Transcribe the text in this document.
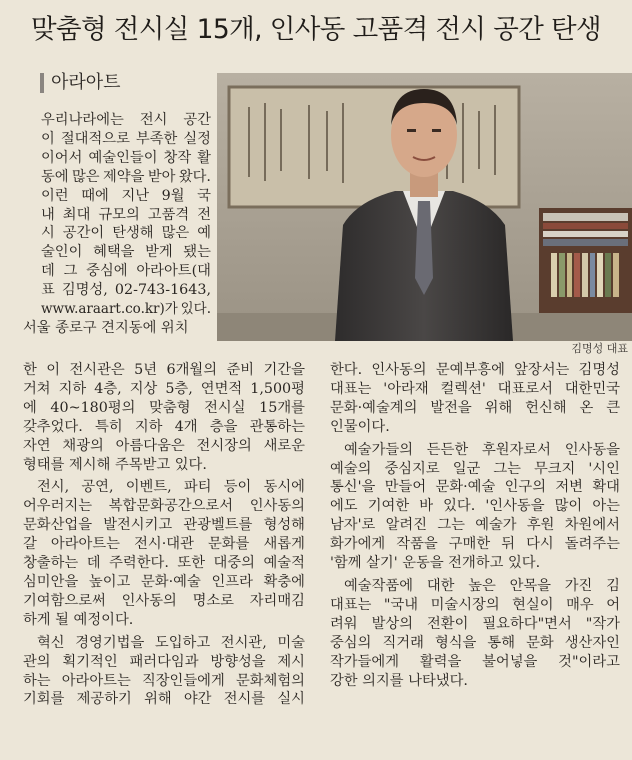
맞춤형 전시실 15개, 인사동 고품격 전시 공간 탄생
아라아트
김명성 대표

우리나라에는 전시 공간

이 절대적으로 부족한 실정

이어서 예술인들이 창작 활

동에 많은 제약을 받아 왔다.

이런 때에 지난 9월 국

내 최대 규모의 고품격 전

시 공간이 탄생해 많은 예

술인이 혜택을 받게 됐는

데 그 중심에 아라아트(대

표 김명성, 02-743-1643,

www.araart.co.kr)가 있다.

서울 종로구 견지동에 위치

한 이 전시관은 5년 6개월의 준비 기간을

거쳐 지하 4층, 지상 5층, 연면적 1,500평

에 40~180평의 맞춤형 전시실 15개를

갖추었다. 특히 지하 4개 층을 관통하는

자연 채광의 아름다움은 전시장의 새로운

형태를 제시해 주목받고 있다.

전시, 공연, 이벤트, 파티 등이 동시에

어우러지는 복합문화공간으로서 인사동의

문화산업을 발전시키고 관광벨트를 형성해

갈 아라아트는 전시·대관 문화를 새롭게

창출하는 데 주력한다. 또한 대중의 예술적

심미안을 높이고 문화·예술 인프라 확충에

기여함으로써 인사동의 명소로 자리매김

하게 될 예정이다.

혁신 경영기법을 도입하고 전시관, 미술

관의 획기적인 패러다임과 방향성을 제시

하는 아라아트는 직장인들에게 문화체험의

기회를 제공하기 위해 야간 전시를 실시

한다. 인사동의 문예부흥에 앞장서는 김명성

대표는 '아라재 컬렉션' 대표로서 대한민국

문화·예술계의 발전을 위해 헌신해 온 큰

인물이다.

예술가들의 든든한 후원자로서 인사동을

예술의 중심지로 일군 그는 무크지 '시인

통신'을 만들어 문화·예술 인구의 저변 확대

에도 기여한 바 있다. '인사동을 많이 아는

남자'로 알려진 그는 예술가 후원 차원에서

화가에게 작품을 구매한 뒤 다시 돌려주는

'함께 살기' 운동을 전개하고 있다.

예술작품에 대한 높은 안목을 가진 김

대표는 "국내 미술시장의 현실이 매우 어

려워 발상의 전환이 필요하다"면서 "작가

중심의 직거래 형식을 통해 문화 생산자인

작가들에게 활력을 불어넣을 것"이라고

강한 의지를 나타냈다.
